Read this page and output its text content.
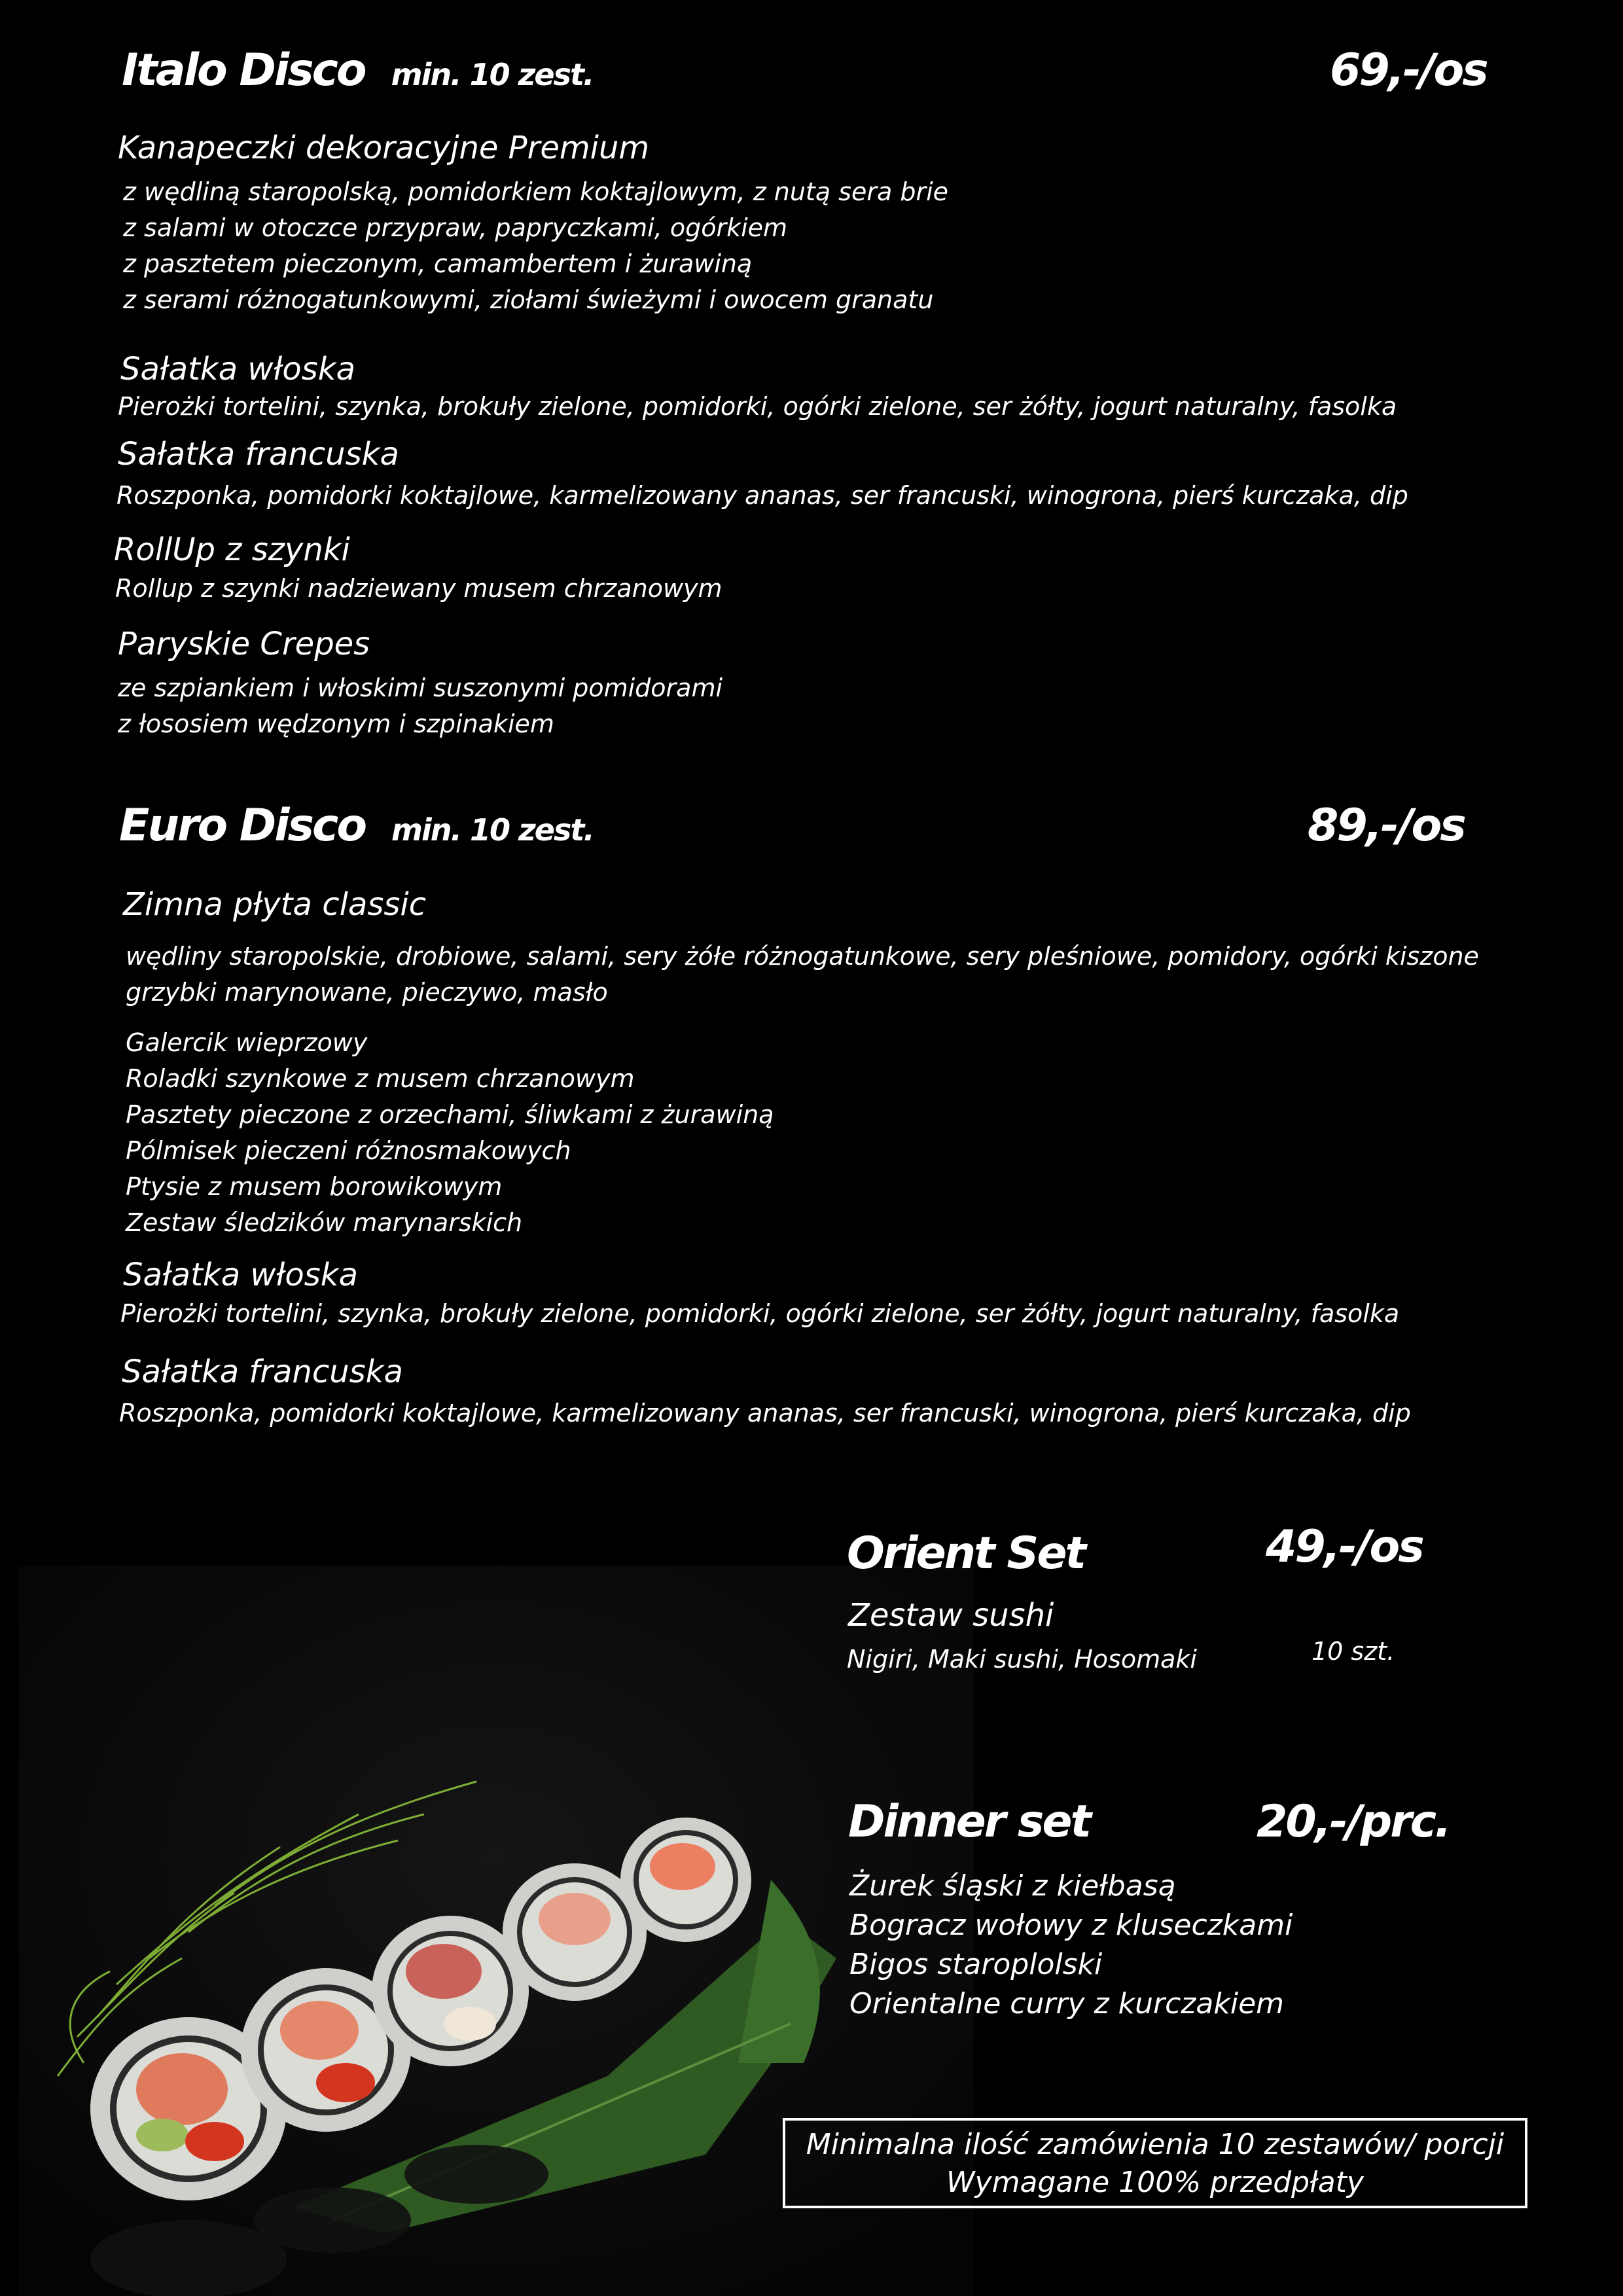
Italo Disco min. 10 zest.	69,-/os
Kanapeczki dekoracyjne Premium
z wędliną staropolską, pomidorkiem koktajlowym, z nutą sera brie
z salami w otoczce przypraw, papryczkami, ogórkiem
z pasztetem pieczonym, camambertem i żurawiną
z serami różnogatunkowymi, ziołami świeżymi i owocem granatu
Sałatka włoska
Pierożki tortelini, szynka, brokuły zielone, pomidorki, ogórki zielone, ser żółty, jogurt naturalny, fasolka
Sałatka francuska
Roszponka, pomidorki koktajlowe, karmelizowany ananas, ser francuski, winogrona, pierś kurczaka, dip
RollUp z szynki
Rollup z szynki nadziewany musem chrzanowym
Paryskie Crepes
ze szpiankiem i włoskimi suszonymi pomidorami
z łososiem wędzonym i szpinakiem
Euro Disco min. 10 zest.	89,-/os
Zimna płyta classic
wędliny staropolskie, drobiowe, salami, sery żółe różnogatunkowe, sery pleśniowe, pomidory, ogórki kiszone
grzybki marynowane, pieczywo, masło
Galercik wieprzowy
Roladki szynkowe z musem chrzanowym
Pasztety pieczone z orzechami, śliwkami z żurawiną
Pólmisek pieczeni różnosmakowych
Ptysie z musem borowikowym
Zestaw śledzików marynarskich
Sałatka włoska
Pierożki tortelini, szynka, brokuły zielone, pomidorki, ogórki zielone, ser żółty, jogurt naturalny, fasolka
Sałatka francuska
Roszponka, pomidorki koktajlowe, karmelizowany ananas, ser francuski, winogrona, pierś kurczaka, dip
Orient Set	49,-/os
Zestaw sushi
Nigiri, Maki sushi, Hosomaki	10 szt.
Dinner set	20,-/prc.
Żurek śląski z kiełbasą
Bogracz wołowy z kluseczkami
Bigos staroplolski
Orientalne curry z kurczakiem
Minimalna ilość zamówienia 10 zestawów/ porcji
Wymagane 100% przedpłaty
